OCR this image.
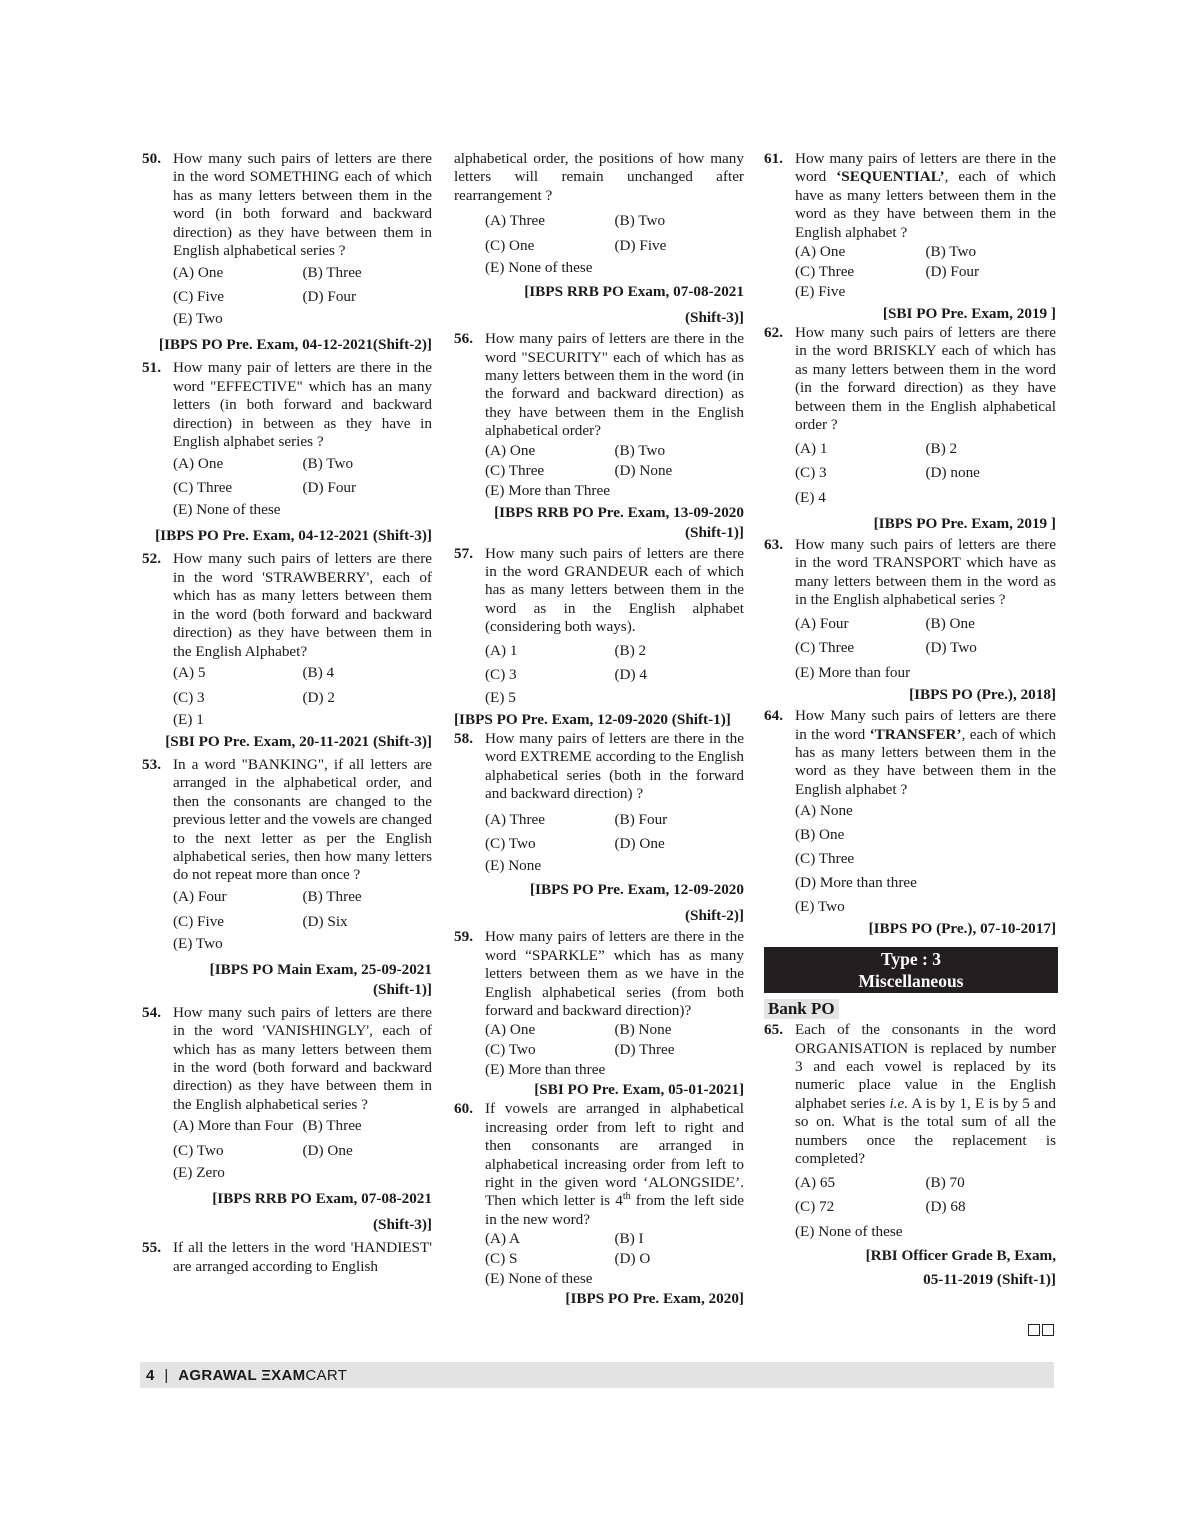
50. How many such pairs of letters are there in the word SOMETHING each of which has as many letters between them in the word (in both forward and backward direction) as they have between them in English alphabetical series ?
(A) One	(B) Three
(C) Five	(D) Four
(E) Two
[IBPS PO Pre. Exam, 04-12-2021(Shift-2)]
51. How many pair of letters are there in the word "EFFECTIVE" which has an many letters (in both forward and backward direction) in between as they have in English alphabet series ?
(A) One	(B) Two
(C) Three	(D) Four
(E) None of these
[IBPS PO Pre. Exam, 04-12-2021 (Shift-3)]
52. How many such pairs of letters are there in the word 'STRAWBERRY', each of which has as many letters between them in the word (both forward and backward direction) as they have between them in the English Alphabet?
(A) 5	(B) 4
(C) 3	(D) 2
(E) 1
[SBI PO Pre. Exam, 20-11-2021 (Shift-3)]
53. In a word "BANKING", if all letters are arranged in the alphabetical order, and then the consonants are changed to the previous letter and the vowels are changed to the next letter as per the English alphabetical series, then how many letters do not repeat more than once ?
(A) Four	(B) Three
(C) Five	(D) Six
(E) Two
[IBPS PO Main Exam, 25-09-2021
(Shift-1)]
54. How many such pairs of letters are there in the word 'VANISHINGLY', each of which has as many letters between them in the word (both forward and backward direction) as they have between them in the English alphabetical series ?
(A) More than Four (B) Three
(C) Two	(D) One
(E) Zero
[IBPS RRB PO Exam, 07-08-2021
(Shift-3)]
55. If all the letters in the word 'HANDIEST' are arranged according to English
alphabetical order, the positions of how many letters will remain unchanged after rearrangement ?
(A) Three	(B) Two
(C) One	(D) Five
(E) None of these
[IBPS RRB PO Exam, 07-08-2021
(Shift-3)]
56. How many pairs of letters are there in the word "SECURITY" each of which has as many letters between them in the word (in the forward and backward direction) as they have between them in the English alphabetical order?
(A) One	(B) Two
(C) Three	(D) None
(E) More than Three
[IBPS RRB PO Pre. Exam, 13-09-2020
(Shift-1)]
57. How many such pairs of letters are there in the word GRANDEUR each of which has as many letters between them in the word as in the English alphabet (considering both ways).
(A) 1	(B) 2
(C) 3	(D) 4
(E) 5
[IBPS PO Pre. Exam, 12-09-2020 (Shift-1)]
58. How many pairs of letters are there in the word EXTREME according to the English alphabetical series (both in the forward and backward direction) ?
(A) Three	(B) Four
(C) Two	(D) One
(E) None
[IBPS PO Pre. Exam, 12-09-2020
(Shift-2)]
59. How many pairs of letters are there in the word “SPARKLE” which has as many letters between them as we have in the English alphabetical series (from both forward and backward direction)?
(A) One	(B) None
(C) Two	(D) Three
(E) More than three
[SBI PO Pre. Exam, 05-01-2021]
60. If vowels are arranged in alphabetical increasing order from left to right and then consonants are arranged in alphabetical increasing order from left to right in the given word ‘ALONGSIDE’. Then which letter is 4th from the left side in the new word?
(A) A	(B) I
(C) S	(D) O
(E) None of these
[IBPS PO Pre. Exam, 2020]
61. How many pairs of letters are there in the word ‘SEQUENTIAL’, each of which have as many letters between them in the word as they have between them in the English alphabet ?
(A) One	(B) Two
(C) Three	(D) Four
(E) Five
[SBI PO Pre. Exam, 2019 ]
62. How many such pairs of letters are there in the word BRISKLY each of which has as many letters between them in the word (in the forward direction) as they have between them in the English alphabetical order ?
(A) 1	(B) 2
(C) 3	(D) none
(E) 4
[IBPS PO Pre. Exam, 2019 ]
63. How many such pairs of letters are there in the word TRANSPORT which have as many letters between them in the word as in the English alphabetical series ?
(A) Four	(B) One
(C) Three	(D) Two
(E) More than four
[IBPS PO (Pre.), 2018]
64. How Many such pairs of letters are there in the word ‘TRANSFER’, each of which has as many letters between them in the word as they have between them in the English alphabet ?
(A) None
(B) One
(C) Three
(D) More than three
(E) Two
[IBPS PO (Pre.), 07-10-2017]
Type : 3
Miscellaneous
Bank PO
65. Each of the consonants in the word ORGANISATION is replaced by number 3 and each vowel is replaced by its numeric place value in the English alphabet series i.e. A is by 1, E is by 5 and so on. What is the total sum of all the numbers once the replacement is completed?
(A) 65	(B) 70
(C) 72	(D) 68
(E) None of these
[RBI Officer Grade B, Exam,
05-11-2019 (Shift-1)]
4 | AGRAWAL ΞXAMCART
